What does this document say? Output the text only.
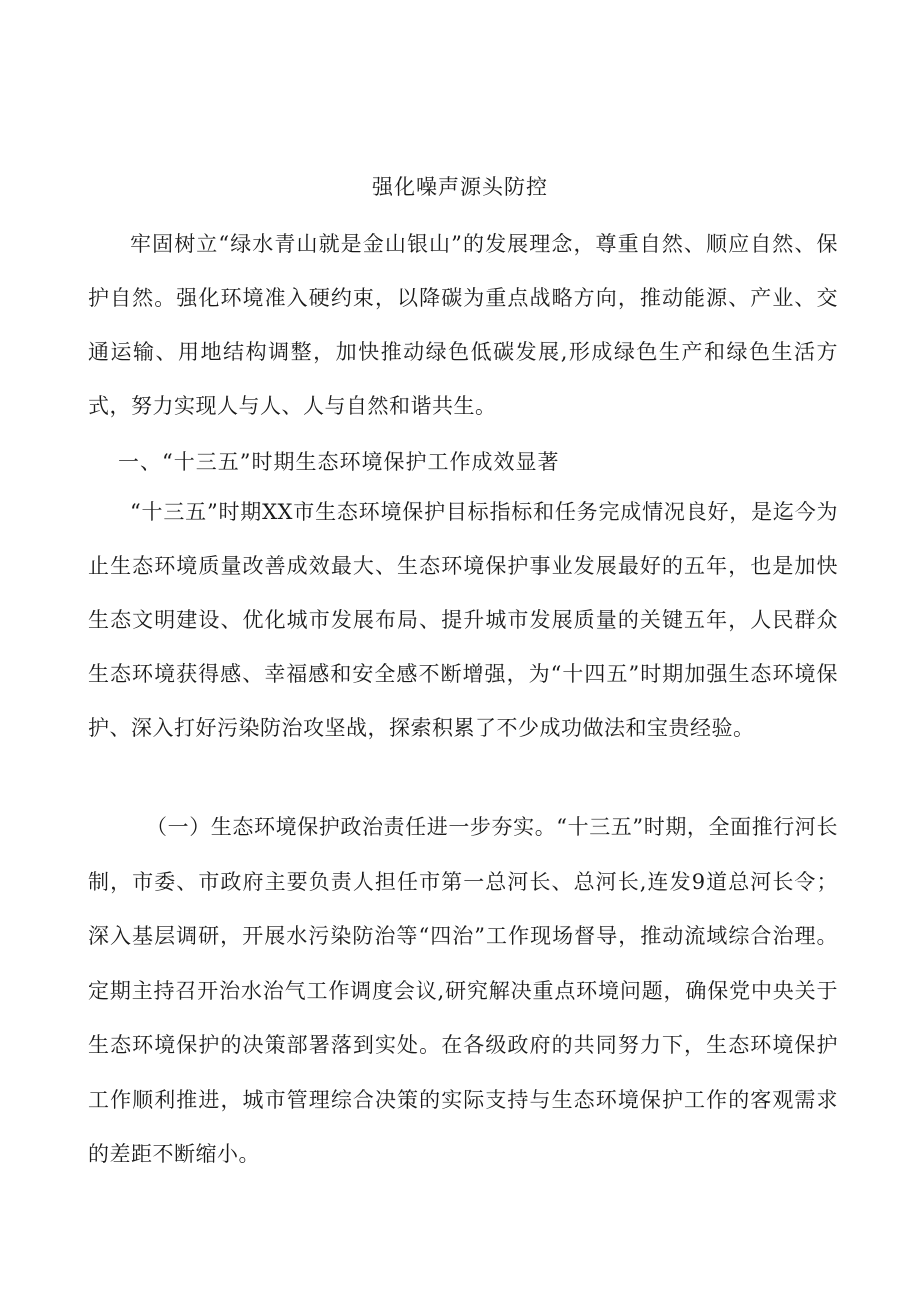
强化噪声源头防控

牢固树立“绿水青山就是金山银山”的发展理念，尊重自然、顺应自然、保护自然。强化环境准入硬约束，以降碳为重点战略方向，推动能源、产业、交通运输、用地结构调整，加快推动绿色低碳发展,形成绿色生产和绿色生活方式，努力实现人与人、人与自然和谐共生。

一、“十三五”时期生态环境保护工作成效显著

“十三五”时期XX市生态环境保护目标指标和任务完成情况良好，是迄今为止生态环境质量改善成效最大、生态环境保护事业发展最好的五年，也是加快生态文明建设、优化城市发展布局、提升城市发展质量的关键五年，人民群众生态环境获得感、幸福感和安全感不断增强，为“十四五”时期加强生态环境保护、深入打好污染防治攻坚战，探索积累了不少成功做法和宝贵经验。

（一）生态环境保护政治责任进一步夯实。“十三五”时期，全面推行河长制，市委、市政府主要负责人担任市第一总河长、总河长,连发9道总河长令；深入基层调研，开展水污染防治等“四治”工作现场督导，推动流域综合治理。定期主持召开治水治气工作调度会议,研究解决重点环境问题，确保党中央关于生态环境保护的决策部署落到实处。在各级政府的共同努力下，生态环境保护工作顺利推进，城市管理综合决策的实际支持与生态环境保护工作的客观需求的差距不断缩小。
